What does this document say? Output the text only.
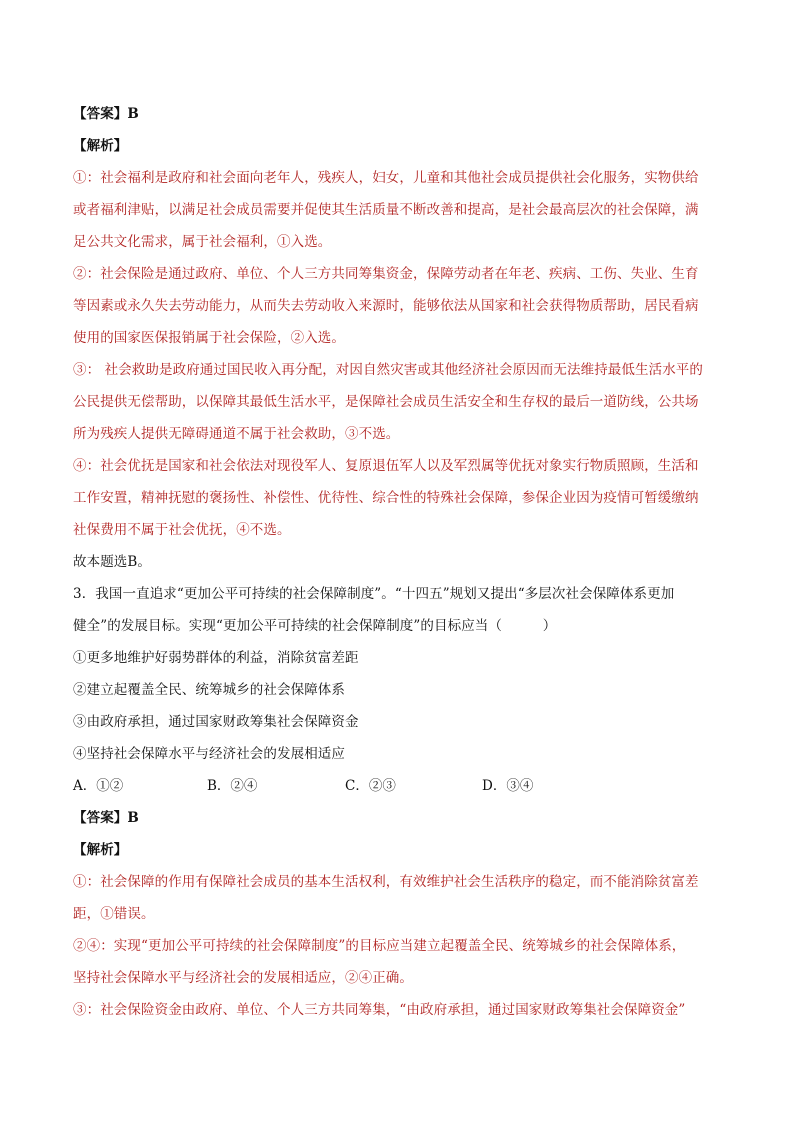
【答案】B
【解析】
①：社会福利是政府和社会面向老年人，残疾人，妇女，儿童和其他社会成员提供社会化服务，实物供给
或者福利津贴，以满足社会成员需要并促使其生活质量不断改善和提高，是社会最高层次的社会保障，满
足公共文化需求，属于社会福利，①入选。
②：社会保险是通过政府、单位、个人三方共同筹集资金，保障劳动者在年老、疾病、工伤、失业、生育
等因素或永久失去劳动能力，从而失去劳动收入来源时，能够依法从国家和社会获得物质帮助，居民看病
使用的国家医保报销属于社会保险，②入选。
③： 社会救助是政府通过国民收入再分配，对因自然灾害或其他经济社会原因而无法维持最低生活水平的
公民提供无偿帮助，以保障其最低生活水平，是保障社会成员生活安全和生存权的最后一道防线，公共场
所为残疾人提供无障碍通道不属于社会救助，③不选。
④：社会优抚是国家和社会依法对现役军人、复原退伍军人以及军烈属等优抚对象实行物质照顾，生活和
工作安置，精神抚慰的褒扬性、补偿性、优待性、综合性的特殊社会保障，参保企业因为疫情可暂缓缴纳
社保费用不属于社会优抚，④不选。
故本题选B。
3．我国一直追求“更加公平可持续的社会保障制度”。“十四五”规划又提出“多层次社会保障体系更加
健全”的发展目标。实现“更加公平可持续的社会保障制度”的目标应当（　　　）
①更多地维护好弱势群体的利益，消除贫富差距
②建立起覆盖全民、统筹城乡的社会保障体系
③由政府承担，通过国家财政筹集社会保障资金
④坚持社会保障水平与经济社会的发展相适应
A．①②	B．②④	C．②③	D．③④
【答案】B
【解析】
①：社会保障的作用有保障社会成员的基本生活权利，有效维护社会生活秩序的稳定，而不能消除贫富差
距，①错误。
②④：实现“更加公平可持续的社会保障制度”的目标应当建立起覆盖全民、统筹城乡的社会保障体系，
坚持社会保障水平与经济社会的发展相适应，②④正确。
③：社会保险资金由政府、单位、个人三方共同筹集，“由政府承担，通过国家财政筹集社会保障资金”
